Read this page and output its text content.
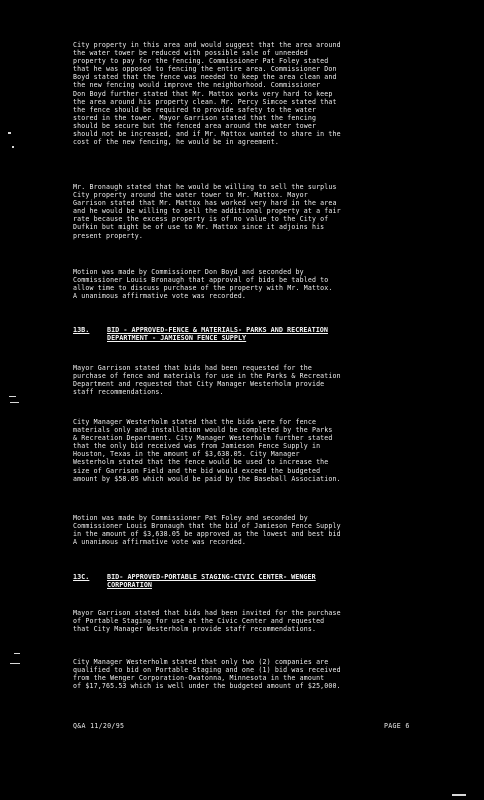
City property in this area and would suggest that the area around
the water tower be reduced with possible sale of unneeded
property to pay for the fencing. Commissioner Pat Foley stated
that he was opposed to fencing the entire area. Commissioner Don
Boyd stated that the fence was needed to keep the area clean and
the new fencing would improve the neighborhood. Commissioner
Don Boyd further stated that Mr. Mattox works very hard to keep
the area around his property clean. Mr. Percy Simcoe stated that
the fence should be required to provide safety to the water
stored in the tower. Mayor Garrison stated that the fencing
should be secure but the fenced area around the water tower
should not be increased, and if Mr. Mattox wanted to share in the
cost of the new fencing, he would be in agreement.
Mr. Bronaugh stated that he would be willing to sell the surplus
City property around the water tower to Mr. Mattox. Mayor
Garrison stated that Mr. Mattox has worked very hard in the area
and he would be willing to sell the additional property at a fair
rate because the excess property is of no value to the City of
Dufkin but might be of use to Mr. Mattox since it adjoins his
present property.
Motion was made by Commissioner Don Boyd and seconded by
Commissioner Louis Bronaugh that approval of bids be tabled to
allow time to discuss purchase of the property with Mr. Mattox.
A unanimous affirmative vote was recorded.
13B.	BID - APPROVED-FENCE & MATERIALS- PARKS AND RECREATION
DEPARTMENT - JAMIESON FENCE SUPPLY
Mayor Garrison stated that bids had been requested for the
purchase of fence and materials for use in the Parks & Recreation
Department and requested that City Manager Westerholm provide
staff recommendations.
City Manager Westerholm stated that the bids were for fence
materials only and installation would be completed by the Parks
& Recreation Department. City Manager Westerholm further stated
that the only bid received was from Jamieson Fence Supply in
Houston, Texas in the amount of $3,638.05. City Manager
Westerholm stated that the fence would be used to increase the
size of Garrison Field and the bid would exceed the budgeted
amount by $58.05 which would be paid by the Baseball Association.
Motion was made by Commissioner Pat Foley and seconded by
Commissioner Louis Bronaugh that the bid of Jamieson Fence Supply
in the amount of $3,638.05 be approved as the lowest and best bid
A unanimous affirmative vote was recorded.
13C.	BID- APPROVED-PORTABLE STAGING-CIVIC CENTER- WENGER
CORPORATION
Mayor Garrison stated that bids had been invited for the purchase
of Portable Staging for use at the Civic Center and requested
that City Manager Westerholm provide staff recommendations.
City Manager Westerholm stated that only two (2) companies are
qualified to bid on Portable Staging and one (1) bid was received
from the Wenger Corporation-Owatonna, Minnesota in the amount
of $17,765.53 which is well under the budgeted amount of $25,000.
Q&A 11/20/95	PAGE 6
